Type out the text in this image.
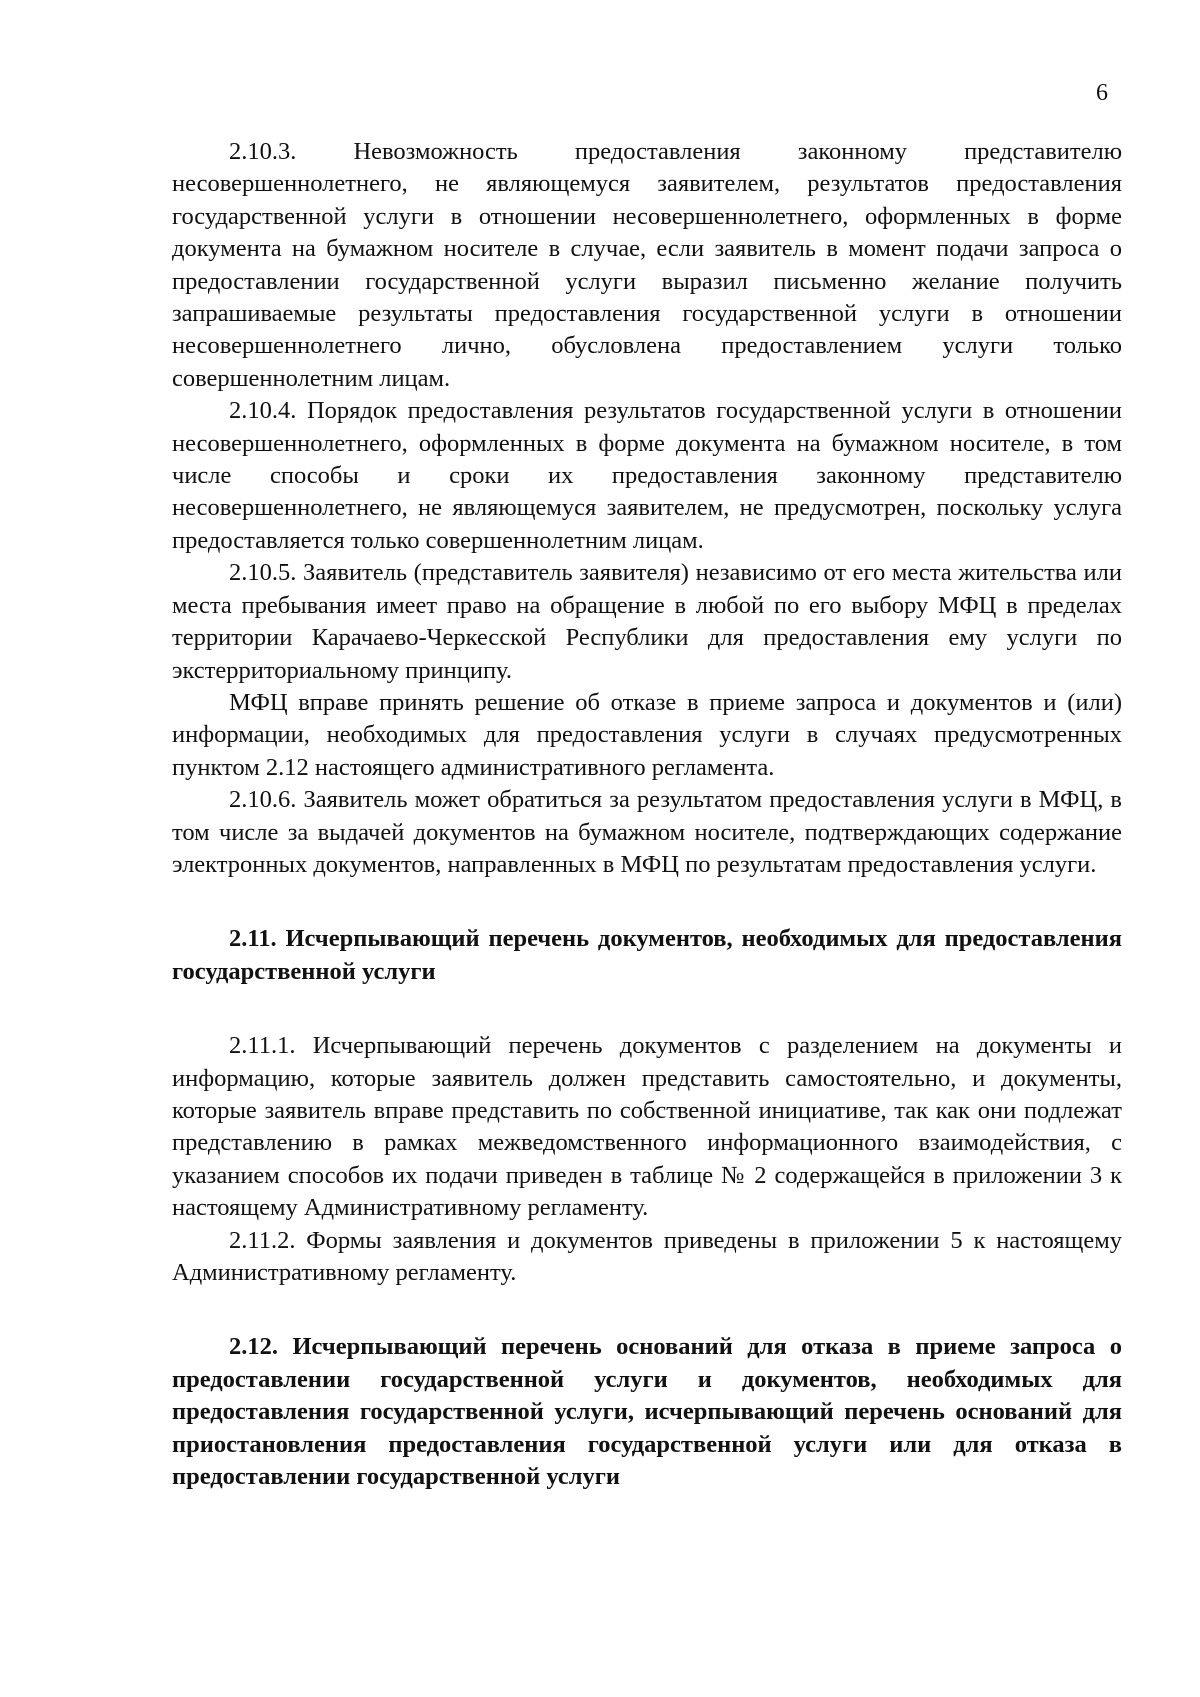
6

2.10.3. Невозможность предоставления законному представителю несовершеннолетнего, не являющемуся заявителем, результатов предоставления государственной услуги в отношении несовершеннолетнего, оформленных в форме документа на бумажном носителе в случае, если заявитель в момент подачи запроса о предоставлении государственной услуги выразил письменно желание получить запрашиваемые результаты предоставления государственной услуги в отношении несовершеннолетнего лично, обусловлена предоставлением услуги только совершеннолетним лицам.

2.10.4. Порядок предоставления результатов государственной услуги в отношении несовершеннолетнего, оформленных в форме документа на бумажном носителе, в том числе способы и сроки их предоставления законному представителю несовершеннолетнего, не являющемуся заявителем, не предусмотрен, поскольку услуга предоставляется только совершеннолетним лицам.

2.10.5. Заявитель (представитель заявителя) независимо от его места жительства или места пребывания имеет право на обращение в любой по его выбору МФЦ в пределах территории Карачаево-Черкесской Республики для предоставления ему услуги по экстерриториальному принципу.

МФЦ вправе принять решение об отказе в приеме запроса и документов и (или) информации, необходимых для предоставления услуги в случаях предусмотренных пунктом 2.12 настоящего административного регламента.

2.10.6. Заявитель может обратиться за результатом предоставления услуги в МФЦ, в том числе за выдачей документов на бумажном носителе, подтверждающих содержание электронных документов, направленных в МФЦ по результатам предоставления услуги.

2.11. Исчерпывающий перечень документов, необходимых для предоставления государственной услуги

2.11.1. Исчерпывающий перечень документов с разделением на документы и информацию, которые заявитель должен представить самостоятельно, и документы, которые заявитель вправе представить по собственной инициативе, так как они подлежат представлению в рамках межведомственного информационного взаимодействия, с указанием способов их подачи приведен в таблице № 2 содержащейся в приложении 3 к настоящему Административному регламенту.

2.11.2. Формы заявления и документов приведены в приложении 5 к настоящему Административному регламенту.

2.12. Исчерпывающий перечень оснований для отказа в приеме запроса о предоставлении государственной услуги и документов, необходимых для предоставления государственной услуги, исчерпывающий перечень оснований для приостановления предоставления государственной услуги или для отказа в предоставлении государственной услуги
